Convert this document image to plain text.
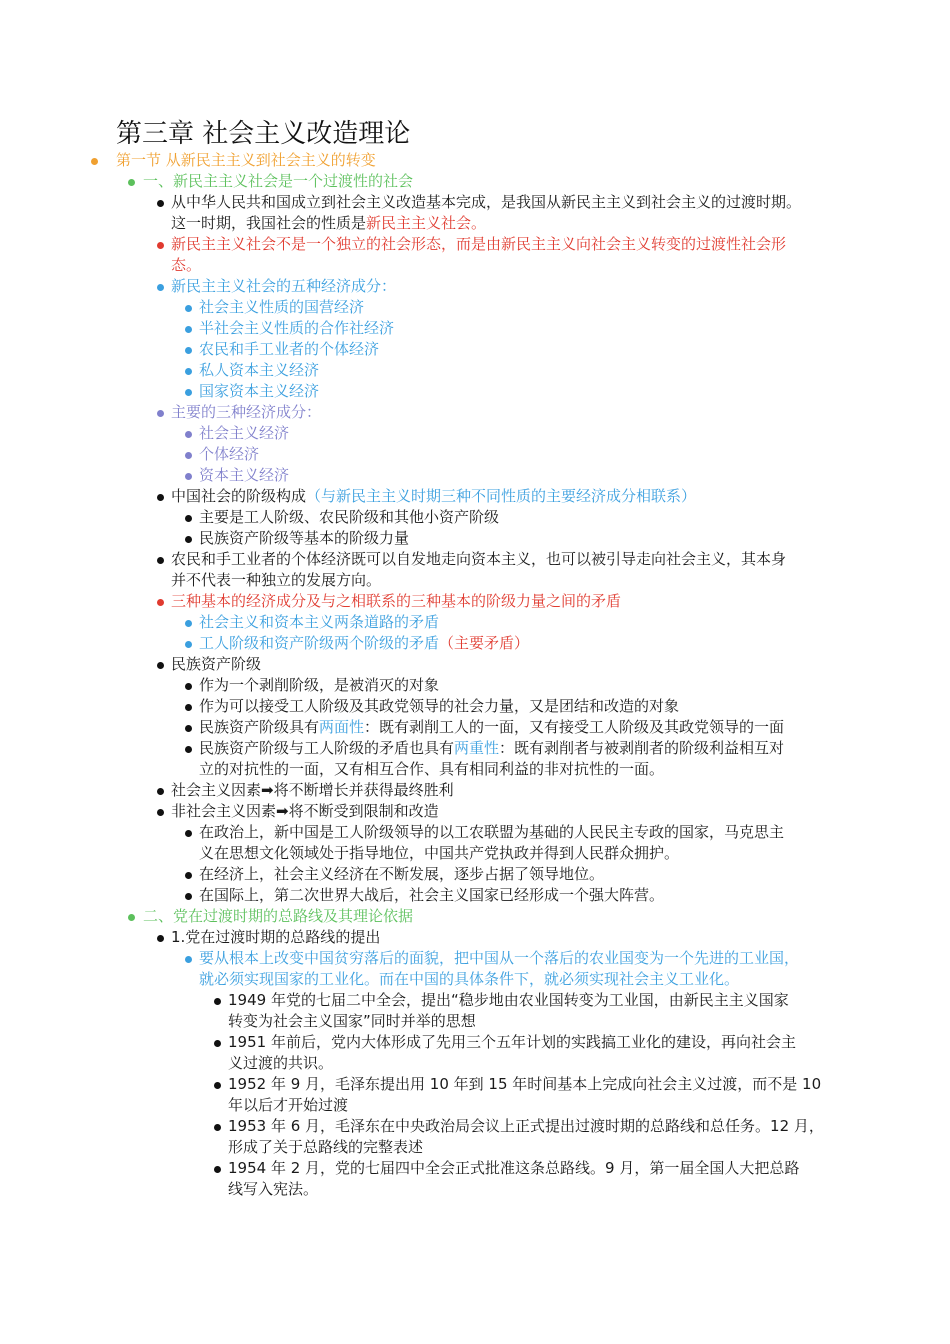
第三章 社会主义改造理论
第一节 从新民主主义到社会主义的转变
一、新民主主义社会是一个过渡性的社会
从中华人民共和国成立到社会主义改造基本完成，是我国从新民主主义到社会主义的过渡时期。
这一时期，我国社会的性质是新民主主义社会。
新民主主义社会不是一个独立的社会形态，而是由新民主主义向社会主义转变的过渡性社会形
态。
新民主主义社会的五种经济成分：
社会主义性质的国营经济
半社会主义性质的合作社经济
农民和手工业者的个体经济
私人资本主义经济
国家资本主义经济
主要的三种经济成分：
社会主义经济
个体经济
资本主义经济
中国社会的阶级构成（与新民主主义时期三种不同性质的主要经济成分相联系）
主要是工人阶级、农民阶级和其他小资产阶级
民族资产阶级等基本的阶级力量
农民和手工业者的个体经济既可以自发地走向资本主义，也可以被引导走向社会主义，其本身
并不代表一种独立的发展方向。
三种基本的经济成分及与之相联系的三种基本的阶级力量之间的矛盾
社会主义和资本主义两条道路的矛盾
工人阶级和资产阶级两个阶级的矛盾（主要矛盾）
民族资产阶级
作为一个剥削阶级，是被消灭的对象
作为可以接受工人阶级及其政党领导的社会力量，又是团结和改造的对象
民族资产阶级具有两面性：既有剥削工人的一面，又有接受工人阶级及其政党领导的一面
民族资产阶级与工人阶级的矛盾也具有两重性：既有剥削者与被剥削者的阶级利益相互对
立的对抗性的一面，又有相互合作、具有相同利益的非对抗性的一面。
社会主义因素➡将不断增长并获得最终胜利
非社会主义因素➡将不断受到限制和改造
在政治上，新中国是工人阶级领导的以工农联盟为基础的人民民主专政的国家，马克思主
义在思想文化领域处于指导地位，中国共产党执政并得到人民群众拥护。
在经济上，社会主义经济在不断发展，逐步占据了领导地位。
在国际上，第二次世界大战后，社会主义国家已经形成一个强大阵营。
二、党在过渡时期的总路线及其理论依据
1.党在过渡时期的总路线的提出
要从根本上改变中国贫穷落后的面貌，把中国从一个落后的农业国变为一个先进的工业国，
就必须实现国家的工业化。而在中国的具体条件下，就必须实现社会主义工业化。
1949 年党的七届二中全会，提出“稳步地由农业国转变为工业国，由新民主主义国家
转变为社会主义国家”同时并举的思想
1951 年前后，党内大体形成了先用三个五年计划的实践搞工业化的建设，再向社会主
义过渡的共识。
1952 年 9 月，毛泽东提出用 10 年到 15 年时间基本上完成向社会主义过渡，而不是 10
年以后才开始过渡
1953 年 6 月，毛泽东在中央政治局会议上正式提出过渡时期的总路线和总任务。12 月，
形成了关于总路线的完整表述
1954 年 2 月，党的七届四中全会正式批准这条总路线。9 月，第一届全国人大把总路
线写入宪法。
